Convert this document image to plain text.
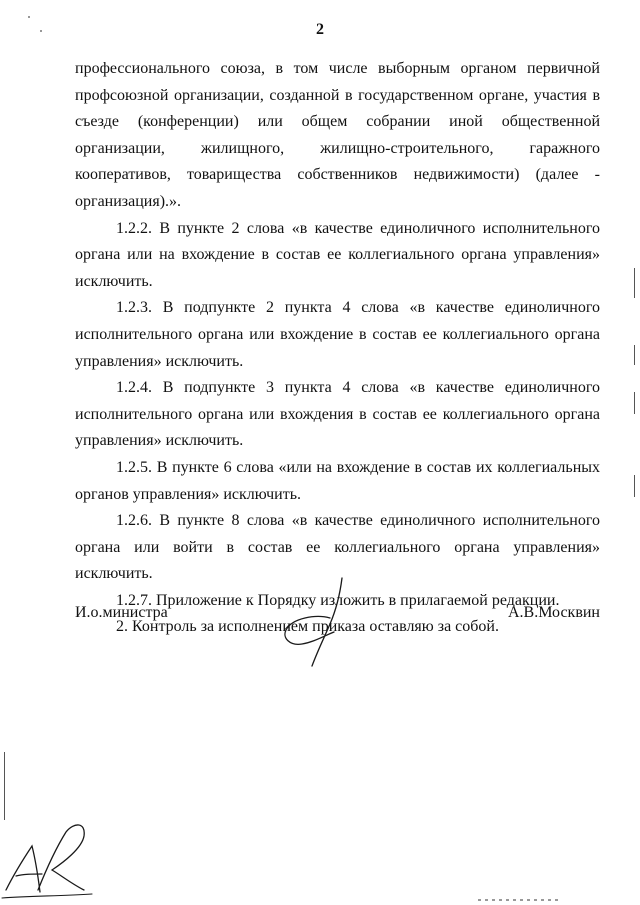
2

профессионального союза, в том числе выборным органом первичной профсоюзной организации, созданной в государственном органе, участия в съезде (конференции) или общем собрании иной общественной организации, жилищного, жилищно-строительного, гаражного кооперативов, товарищества собственников недвижимости) (далее - организация).».

1.2.2. В пункте 2 слова «в качестве единоличного исполнительного органа или на вхождение в состав ее коллегиального органа управления» исключить.

1.2.3. В подпункте 2 пункта 4 слова «в качестве единоличного исполнительного органа или вхождение в состав ее коллегиального органа управления» исключить.

1.2.4. В подпункте 3 пункта 4 слова «в качестве единоличного исполнительного органа или вхождения в состав ее коллегиального органа управления» исключить.

1.2.5. В пункте 6 слова «или на вхождение в состав их коллегиальных органов управления» исключить.

1.2.6. В пункте 8 слова «в качестве единоличного исполнительного органа или войти в состав ее коллегиального органа управления» исключить.

1.2.7. Приложение к Порядку изложить в прилагаемой редакции.

2. Контроль за исполнением приказа оставляю за собой.

И.о.министра	А.В.Москвин
